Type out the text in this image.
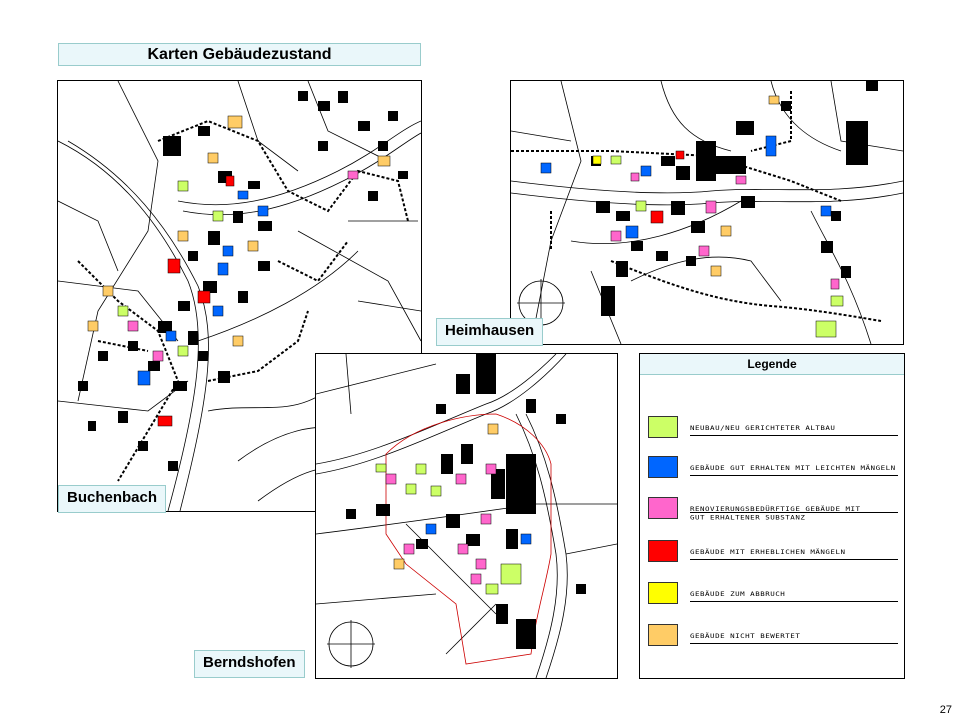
Karten Gebäudezustand
Buchenbach
Heimhausen
Berndshofen
Legende
NEUBAU/NEU GERICHTETER ALTBAU
GEBÄUDE GUT ERHALTEN MIT LEICHTEN MÄNGELN
RENOVIERUNGSBEDÜRFTIGE GEBÄUDE MIT
GUT ERHALTENER SUBSTANZ
GEBÄUDE MIT ERHEBLICHEN MÄNGELN
GEBÄUDE ZUM ABBRUCH
GEBÄUDE NICHT BEWERTET
27
